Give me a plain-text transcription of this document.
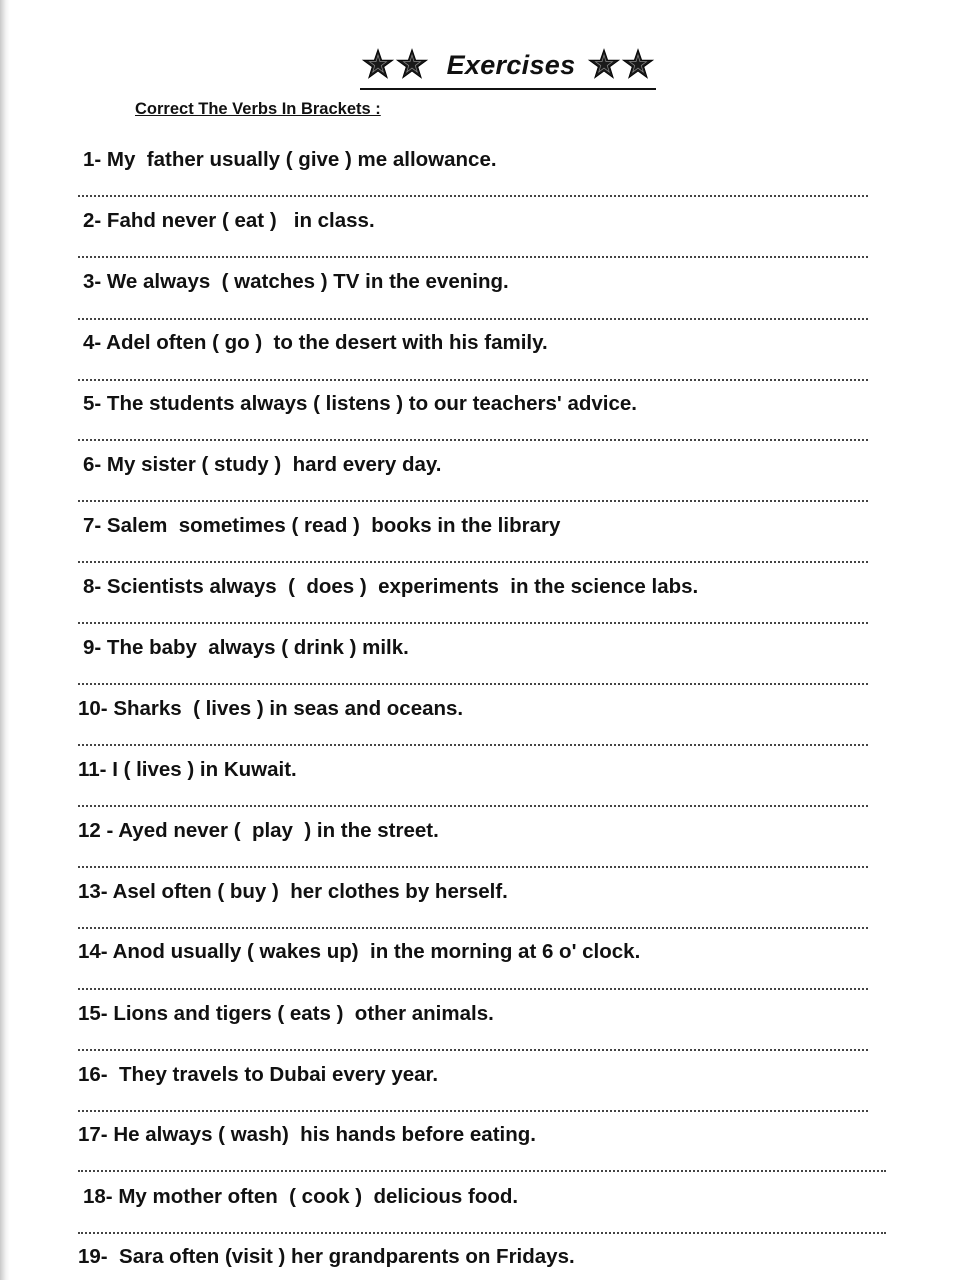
Exercises
Correct The Verbs In Brackets :
1- My  father usually ( give ) me allowance.
2- Fahd never ( eat )   in class.
3- We always  ( watches ) TV in the evening.
4- Adel often ( go )  to the desert with his family.
5- The students always ( listens ) to our teachers' advice.
6- My sister ( study )  hard every day.
7- Salem  sometimes ( read )  books in the library
8- Scientists always  (  does )  experiments  in the science labs.
9- The baby  always ( drink ) milk.
10- Sharks  ( lives ) in seas and oceans.
11- I ( lives ) in Kuwait.
12 - Ayed never (  play  ) in the street.
13- Asel often ( buy )  her clothes by herself.
14- Anod usually ( wakes up)  in the morning at 6 o' clock.
15- Lions and tigers ( eats )  other animals.
16-  They travels to Dubai every year.
17- He always ( wash)  his hands before eating.
18- My mother often  ( cook )  delicious food.
19-  Sara often (visit ) her grandparents on Fridays.
